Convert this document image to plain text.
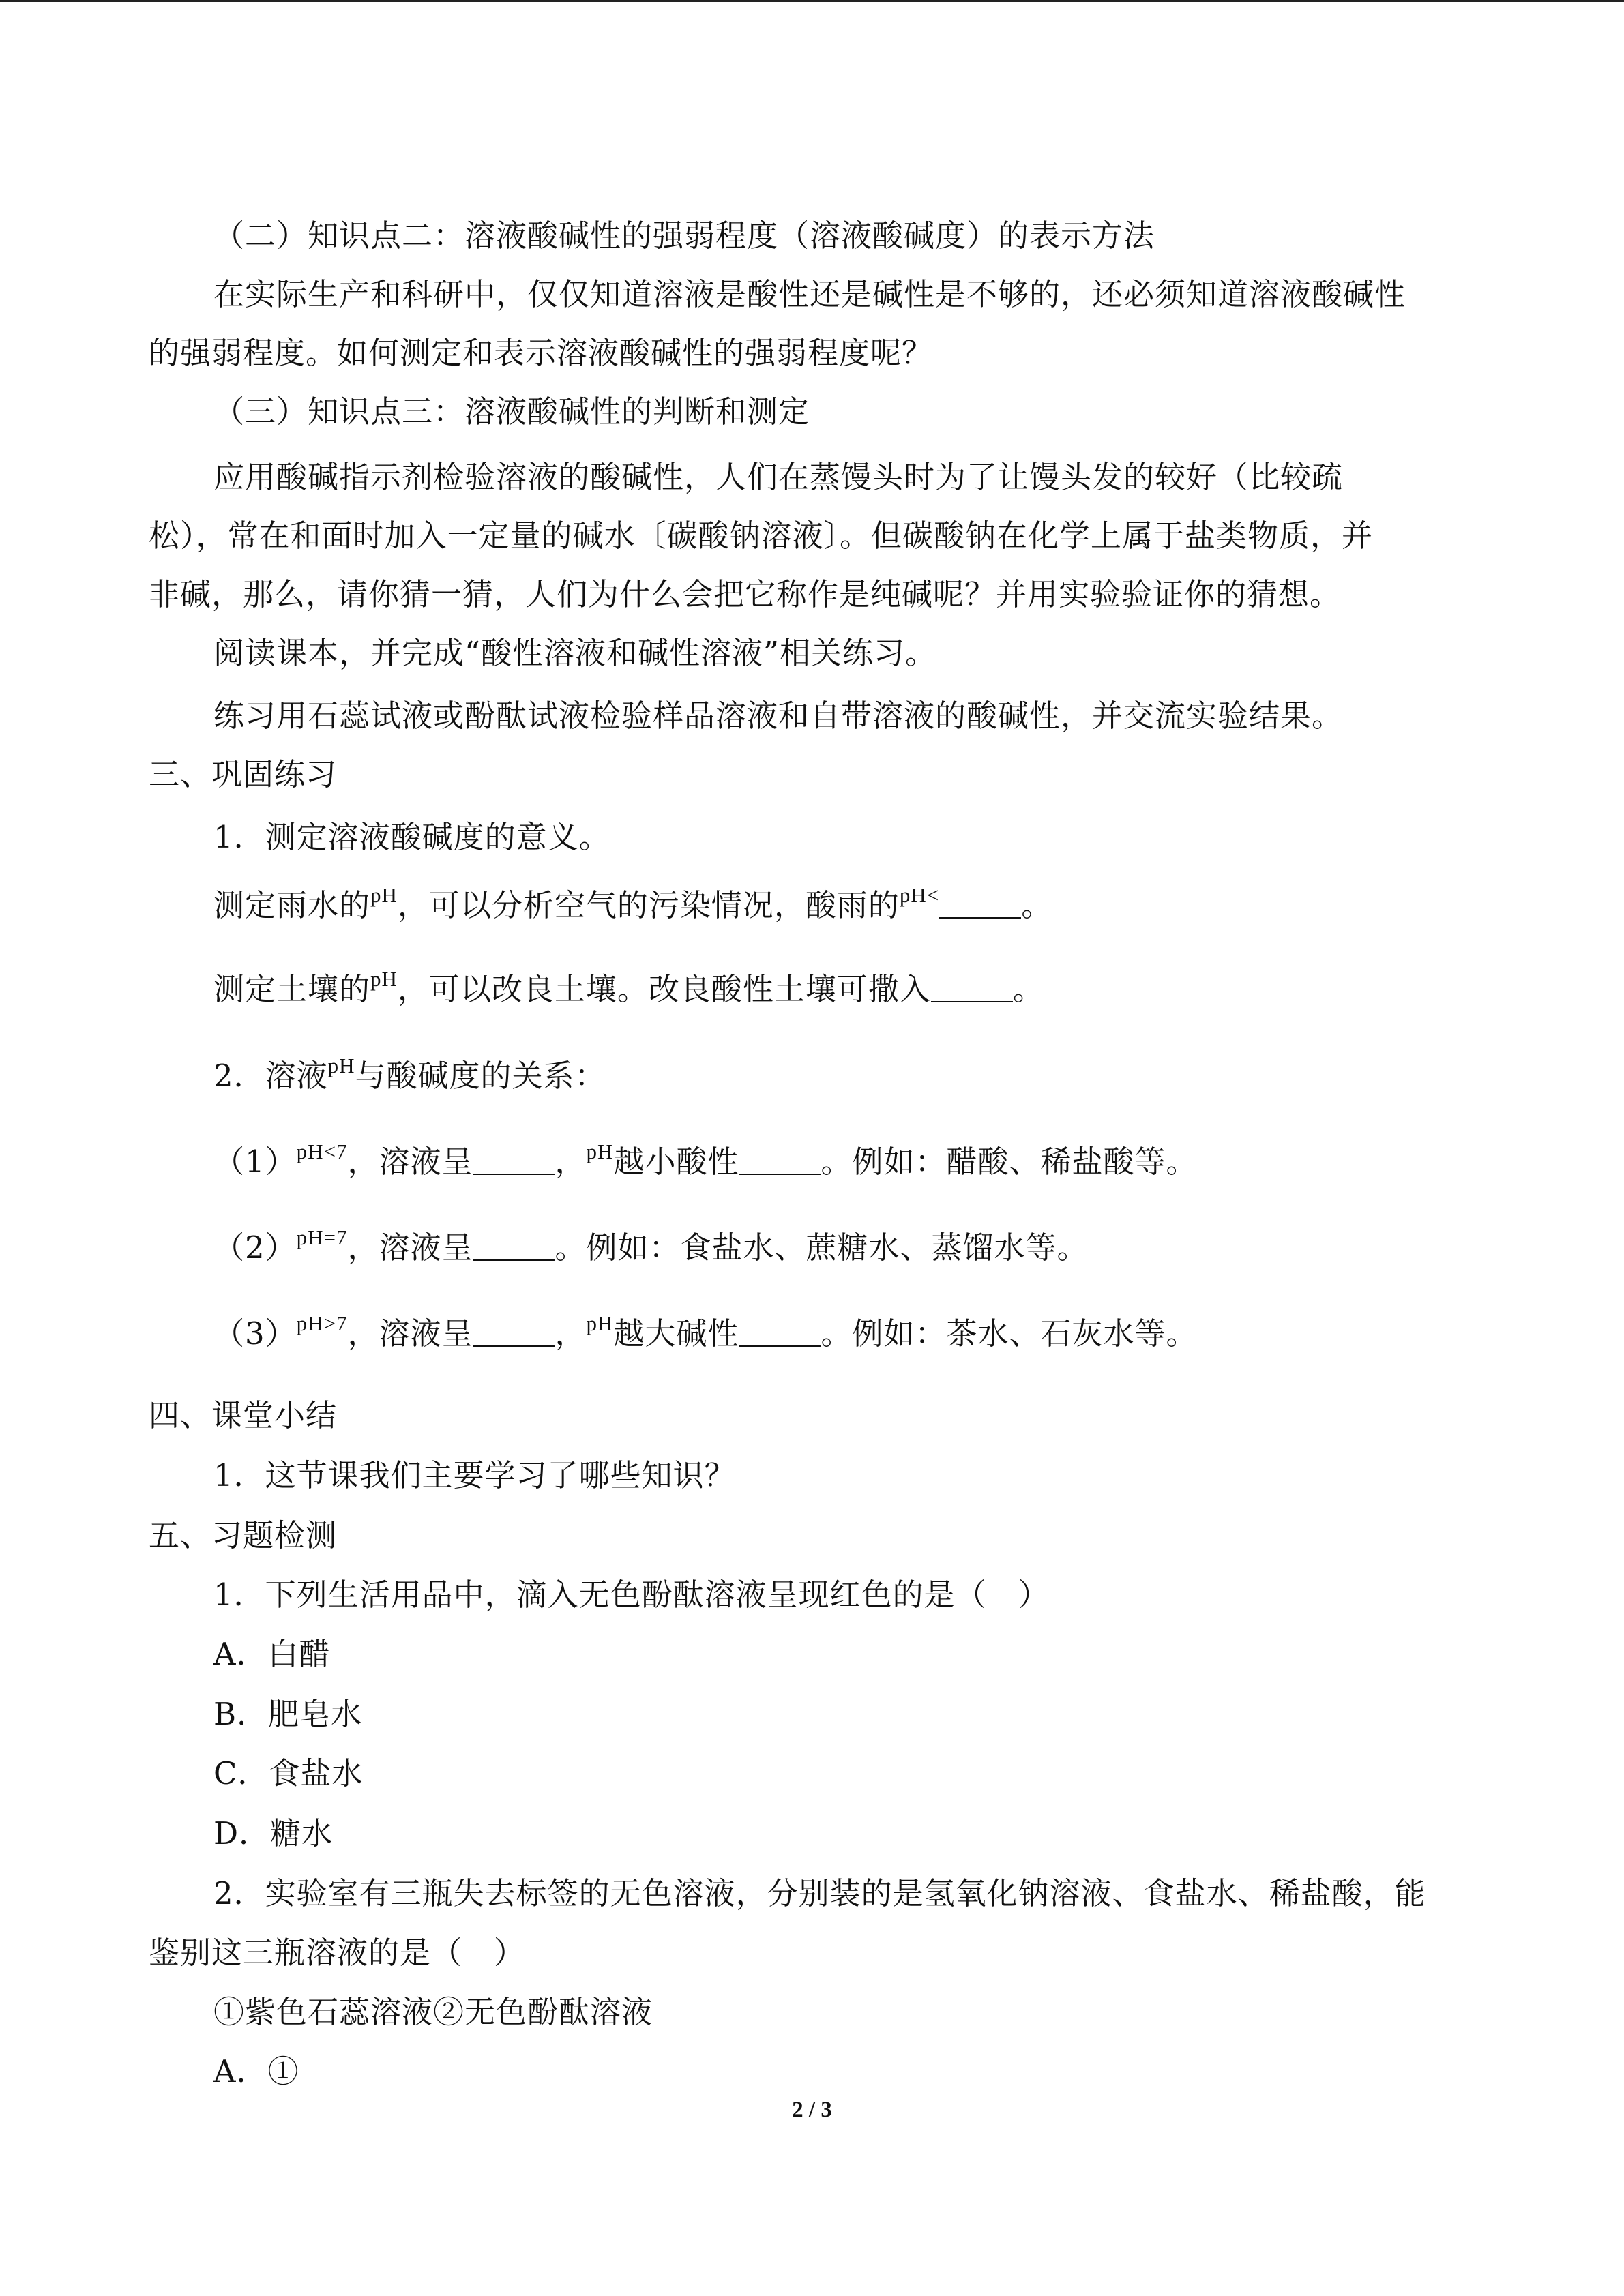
（二）知识点二：溶液酸碱性的强弱程度（溶液酸碱度）的表示方法
在实际生产和科研中，仅仅知道溶液是酸性还是碱性是不够的，还必须知道溶液酸碱性
的强弱程度。如何测定和表示溶液酸碱性的强弱程度呢？
（三）知识点三：溶液酸碱性的判断和测定
应用酸碱指示剂检验溶液的酸碱性，人们在蒸馒头时为了让馒头发的较好（比较疏
松），常在和面时加入一定量的碱水〔碳酸钠溶液〕。但碳酸钠在化学上属于盐类物质，并
非碱，那么，请你猜一猜，人们为什么会把它称作是纯碱呢？并用实验验证你的猜想。
阅读课本，并完成“酸性溶液和碱性溶液”相关练习。
练习用石蕊试液或酚酞试液检验样品溶液和自带溶液的酸碱性，并交流实验结果。
三、巩固练习
1．测定溶液酸碱度的意义。
测定雨水的$^{pH}$，可以分析空气的污染情况，酸雨的$^{pH<}$	。
测定土壤的$^{pH}$，可以改良土壤。改良酸性土壤可撒入	。
2．溶液$^{pH}$与酸碱度的关系：
$(1)^{pH<7}$，溶液呈	，$^{pH}$越小酸性	。例如：醋酸、稀盐酸等。
$(2)^{pH=7}$，溶液呈	。例如：食盐水、蔗糖水、蒸馏水等。
$(3)^{pH>7}$，溶液呈	，$^{pH}$越大碱性	。例如：茶水、石灰水等。
四、课堂小结
1．这节课我们主要学习了哪些知识？
五、习题检测
1．下列生活用品中，滴入无色酚酞溶液呈现红色的是（　）
A．白醋
B．肥皂水
C．食盐水
D．糖水
2．实验室有三瓶失去标签的无色溶液，分别装的是氢氧化钠溶液、食盐水、稀盐酸，能
鉴别这三瓶溶液的是（　）
①紫色石蕊溶液②无色酚酞溶液
A．①
2 / 3
